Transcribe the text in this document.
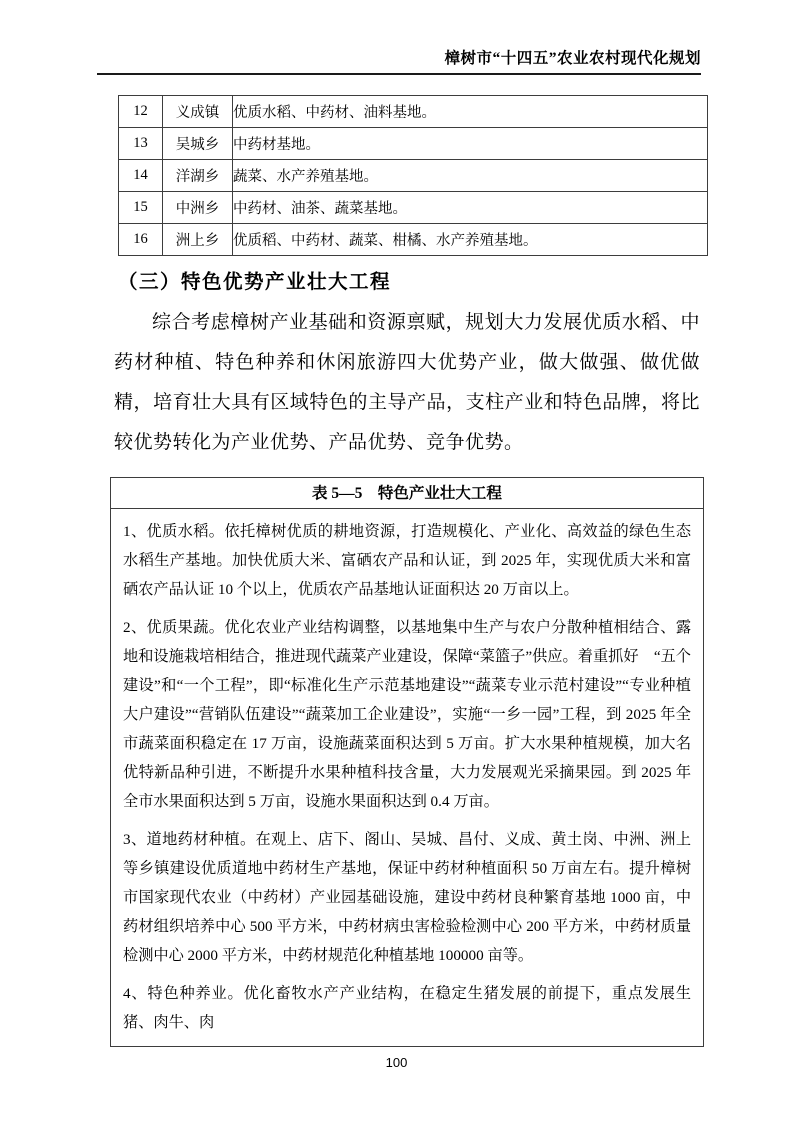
樟树市“十四五”农业农村现代化规划
12	义成镇	优质水稻、中药材、油料基地。
13	吴城乡	中药材基地。
14	洋湖乡	蔬菜、水产养殖基地。
15	中洲乡	中药材、油茶、蔬菜基地。
16	洲上乡	优质稻、中药材、蔬菜、柑橘、水产养殖基地。
（三）特色优势产业壮大工程

综合考虑樟树产业基础和资源禀赋，规划大力发展优质水稻、中药材种植、特色种养和休闲旅游四大优势产业，做大做强、做优做精，培育壮大具有区域特色的主导产品，支柱产业和特色品牌，将比较优势转化为产业优势、产品优势、竞争优势。

表 5—5　特色产业壮大工程

1、优质水稻。依托樟树优质的耕地资源，打造规模化、产业化、高效益的绿色生态水稻生产基地。加快优质大米、富硒农产品和认证，到 2025 年，实现优质大米和富硒农产品认证 10 个以上，优质农产品基地认证面积达 20 万亩以上。

2、优质果蔬。优化农业产业结构调整，以基地集中生产与农户分散种植相结合、露地和设施栽培相结合，推进现代蔬菜产业建设，保障“菜篮子”供应。着重抓好　“五个建设”和“一个工程”，即“标准化生产示范基地建设”“蔬菜专业示范村建设”“专业种植大户建设”“营销队伍建设”“蔬菜加工企业建设”，实施“一乡一园”工程，到 2025 年全市蔬菜面积稳定在 17 万亩，设施蔬菜面积达到 5 万亩。扩大水果种植规模，加大名优特新品种引进，不断提升水果种植科技含量，大力发展观光采摘果园。到 2025 年全市水果面积达到 5 万亩，设施水果面积达到 0.4 万亩。

3、道地药材种植。在观上、店下、阁山、吴城、昌付、义成、黄土岗、中洲、洲上等乡镇建设优质道地中药材生产基地，保证中药材种植面积 50 万亩左右。提升樟树市国家现代农业（中药材）产业园基础设施，建设中药材良种繁育基地 1000 亩，中药材组织培养中心 500 平方米，中药材病虫害检验检测中心 200 平方米，中药材质量检测中心 2000 平方米，中药材规范化种植基地 100000 亩等。

4、特色种养业。优化畜牧水产产业结构，在稳定生猪发展的前提下，重点发展生猪、肉牛、肉

100
